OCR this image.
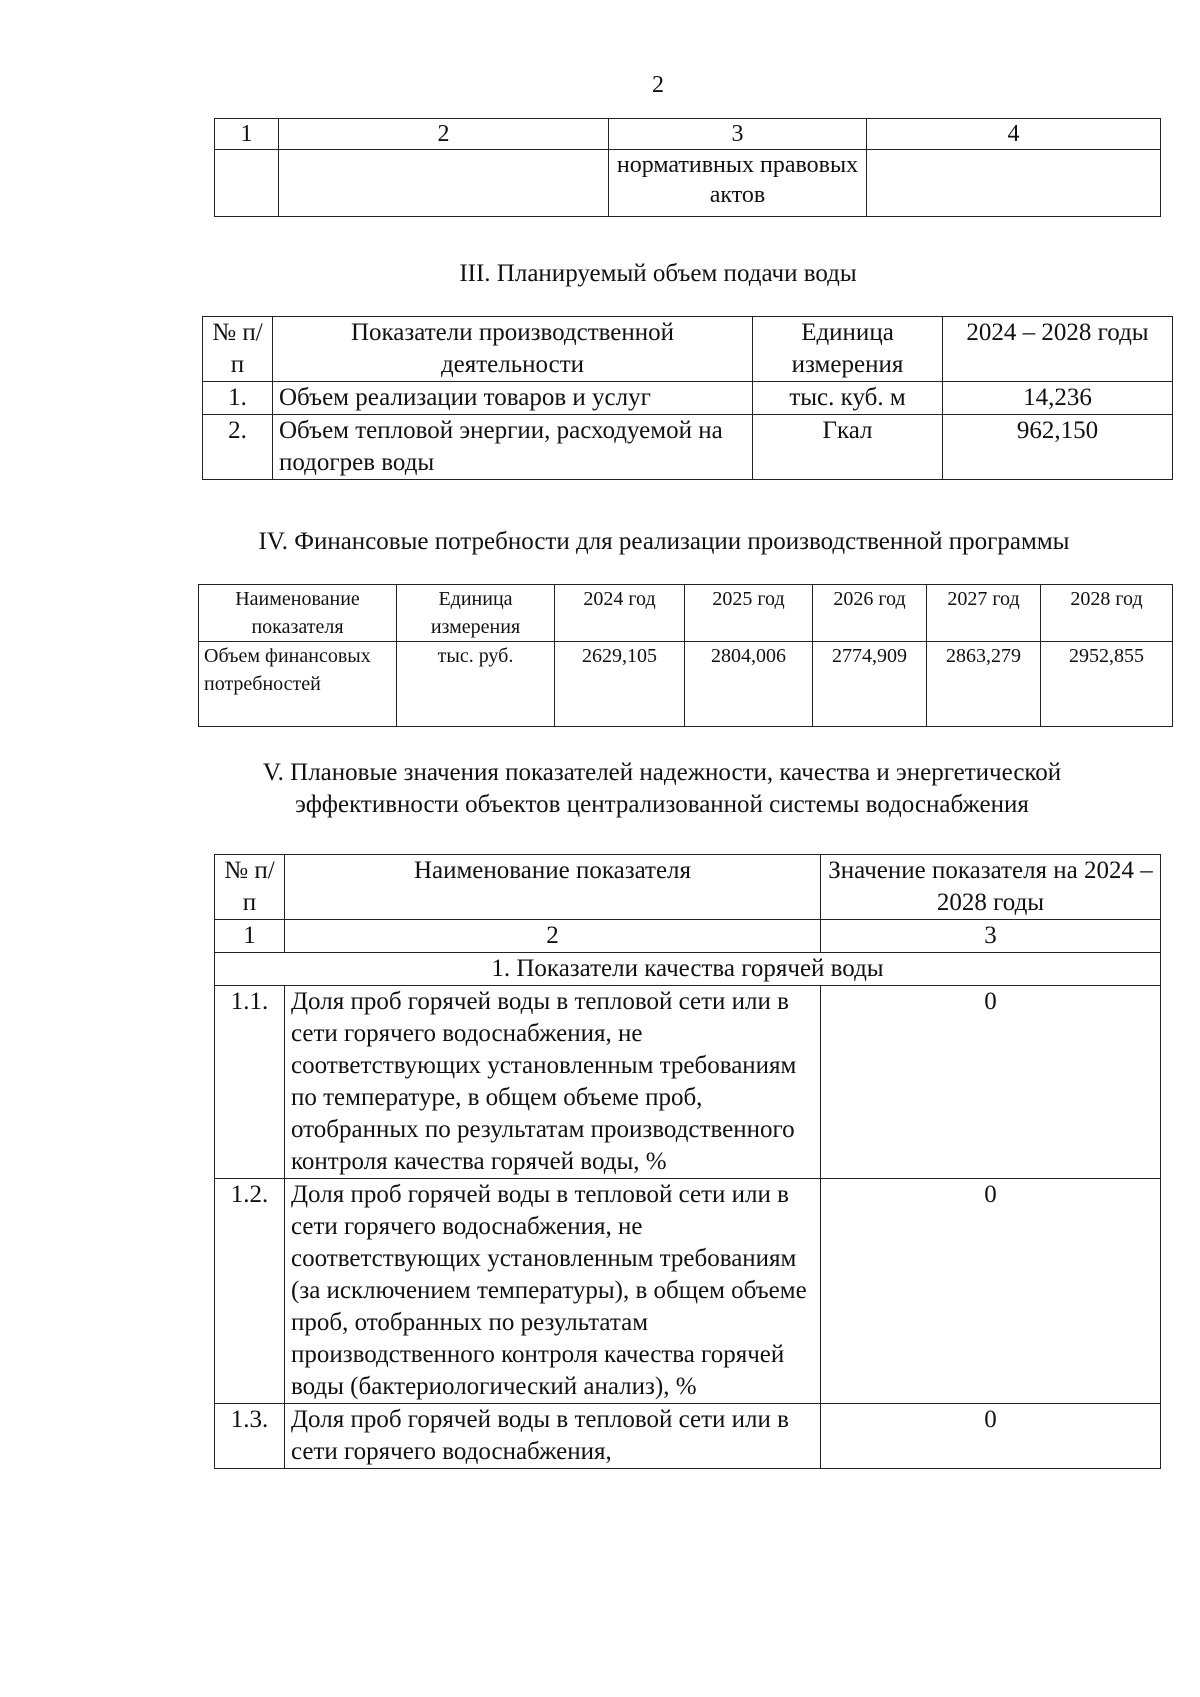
2
1	2	3	4
		нормативных правовых актов	
III. Планируемый объем подачи воды
№ п/п	Показатели производственной деятельности	Единица измерения	2024 – 2028 годы
1.	Объем реализации товаров и услуг	тыс. куб. м	14,236
2.	Объем тепловой энергии, расходуемой на подогрев воды	Гкал	962,150
IV. Финансовые потребности для реализации производственной программы
Наименование показателя	Единица измерения	2024 год	2025 год	2026 год	2027 год	2028 год
Объем финансовых потребностей	тыс. руб.	2629,105	2804,006	2774,909	2863,279	2952,855
V. Плановые значения показателей надежности, качества и энергетической
эффективности объектов централизованной системы водоснабжения
№ п/п	Наименование показателя	Значение показателя на 2024 – 2028 годы
1	2	3
1. Показатели качества горячей воды		
1.1.	Доля проб горячей воды в тепловой сети или в сети горячего водоснабжения, не соответствующих установленным требованиям по температуре, в общем объеме проб, отобранных по результатам производственного контроля качества горячей воды, %	0
1.2.	Доля проб горячей воды в тепловой сети или в сети горячего водоснабжения, не соответствующих установленным требованиям (за исключением температуры), в общем объеме проб, отобранных по результатам производственного контроля качества горячей воды (бактериологический анализ), %	0
1.3.	Доля проб горячей воды в тепловой сети или в сети горячего водоснабжения,	0
